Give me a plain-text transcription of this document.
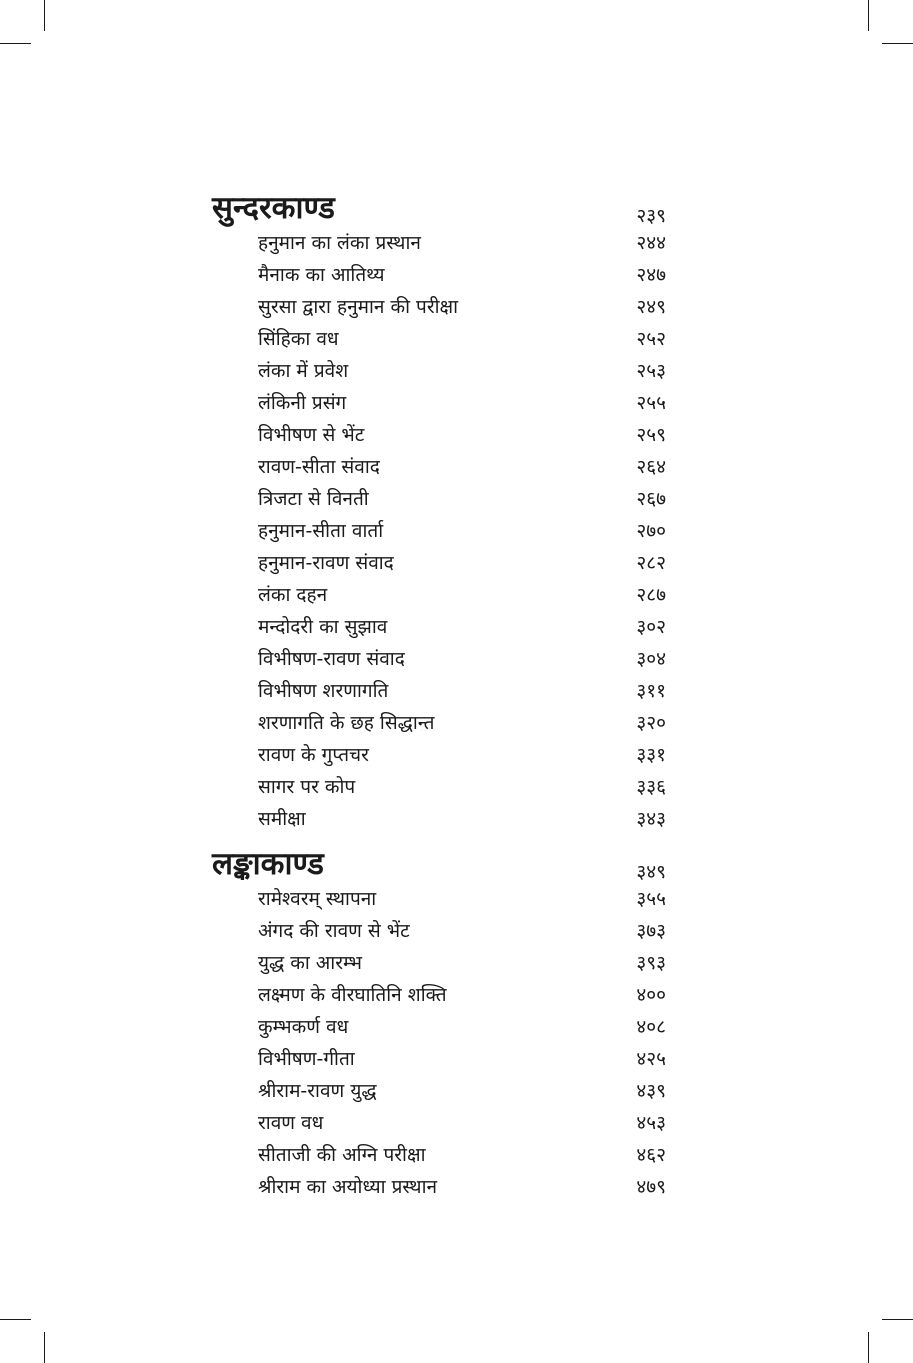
सुन्दरकाण्ड	२३९
हनुमान का लंका प्रस्थान	२४४
मैनाक का आतिथ्य	२४७
सुरसा द्वारा हनुमान की परीक्षा	२४९
सिंहिका वध	२५२
लंका में प्रवेश	२५३
लंकिनी प्रसंग	२५५
विभीषण से भेंट	२५९
रावण-सीता संवाद	२६४
त्रिजटा से विनती	२६७
हनुमान-सीता वार्ता	२७०
हनुमान-रावण संवाद	२८२
लंका दहन	२८७
मन्दोदरी का सुझाव	३०२
विभीषण-रावण संवाद	३०४
विभीषण शरणागति	३११
शरणागति के छह सिद्धान्त	३२०
रावण के गुप्तचर	३३१
सागर पर कोप	३३६
समीक्षा	३४३
लङ्काकाण्ड	३४९
रामेश्वरम् स्थापना	३५५
अंगद की रावण से भेंट	३७३
युद्ध का आरम्भ	३९३
लक्ष्मण के वीरघातिनि शक्ति	४००
कुम्भकर्ण वध	४०८
विभीषण-गीता	४२५
श्रीराम-रावण युद्ध	४३९
रावण वध	४५३
सीताजी की अग्नि परीक्षा	४६२
श्रीराम का अयोध्या प्रस्थान	४७९
